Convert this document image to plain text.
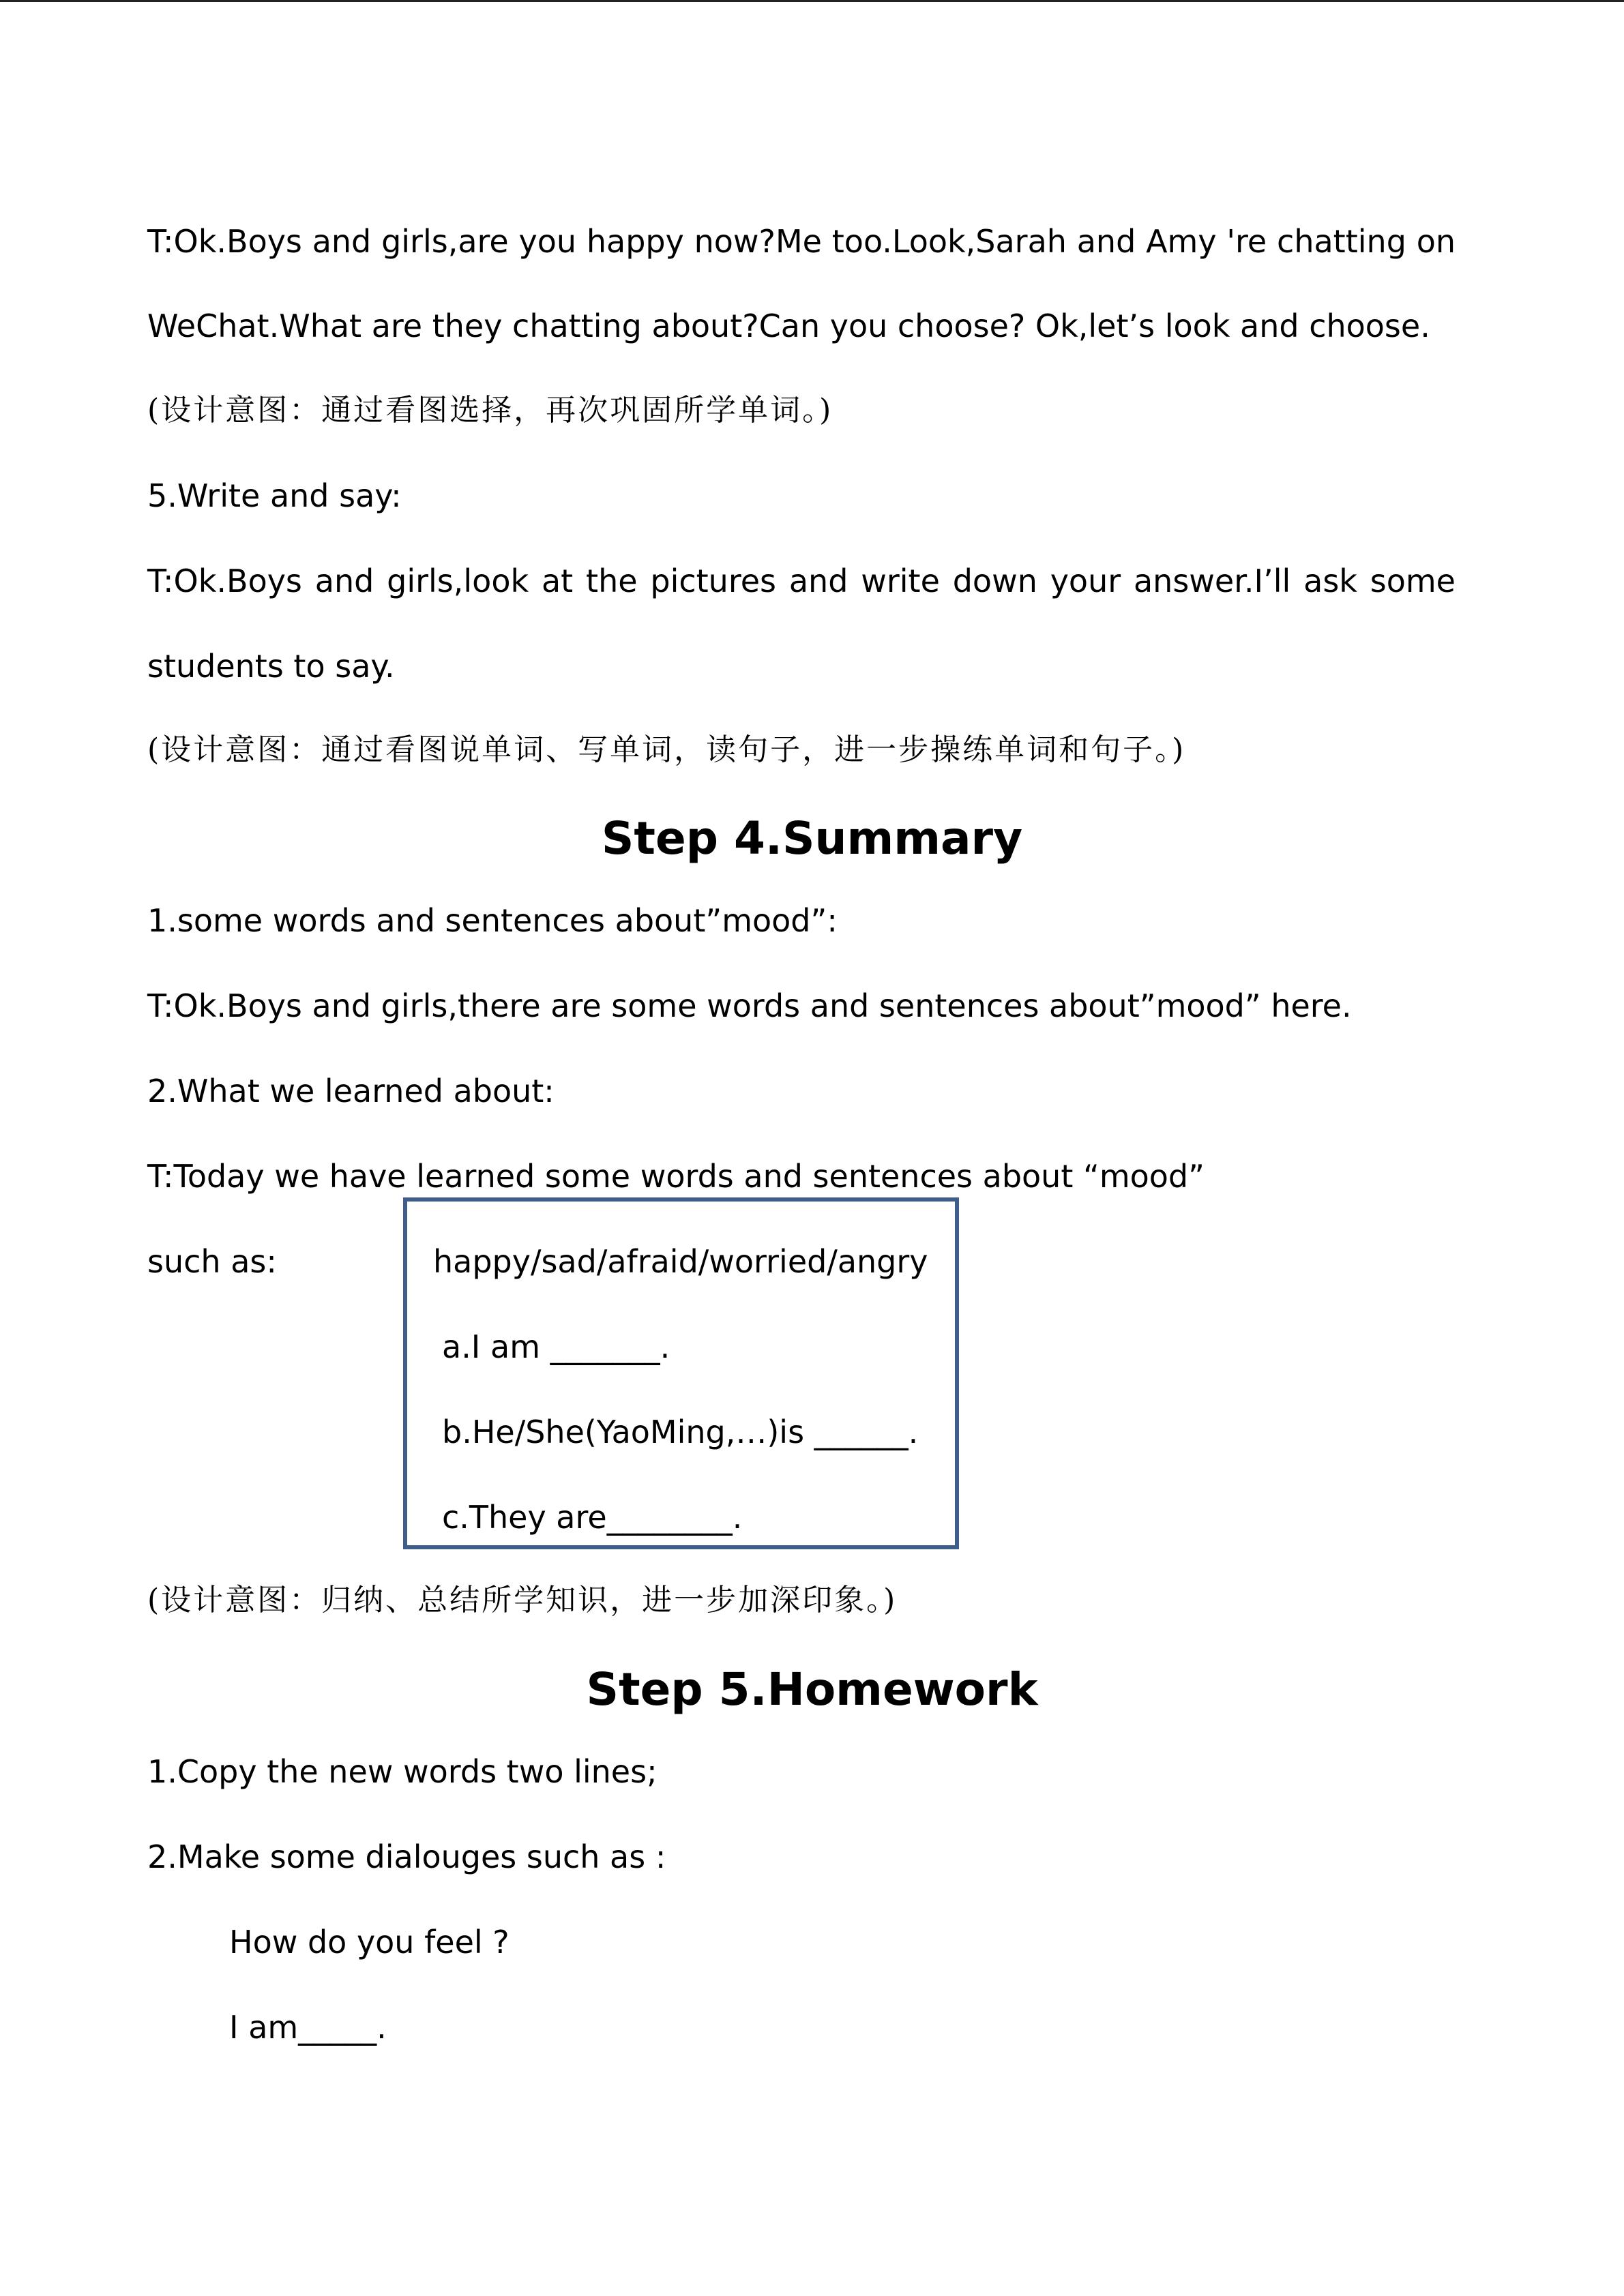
T:Ok.Boys and girls,are you happy now?Me too.Look,Sarah and Amy 're chatting on
WeChat.What are they chatting about?Can you choose? Ok,let’s look and choose.
(设计意图：通过看图选择，再次巩固所学单词。)
5.Write and say:
T:Ok.Boys and girls,look at the pictures and write down your answer.I’ll ask some
students to say.
(设计意图：通过看图说单词、写单词，读句子，进一步操练单词和句子。)
Step 4.Summary
1.some words and sentences about”mood”:
T:Ok.Boys and girls,there are some words and sentences about”mood” here.
2.What we learned about:
T:Today we have learned some words and sentences about “mood”
such as:	happy/sad/afraid/worried/angry
a.I am _______.
b.He/She(YaoMing,…)is ______.
c.They are________.
(设计意图：归纳、总结所学知识，进一步加深印象。)
Step 5.Homework
1.Copy the new words two lines;
2.Make some dialouges such as :
How do you feel ?
I am_____.
